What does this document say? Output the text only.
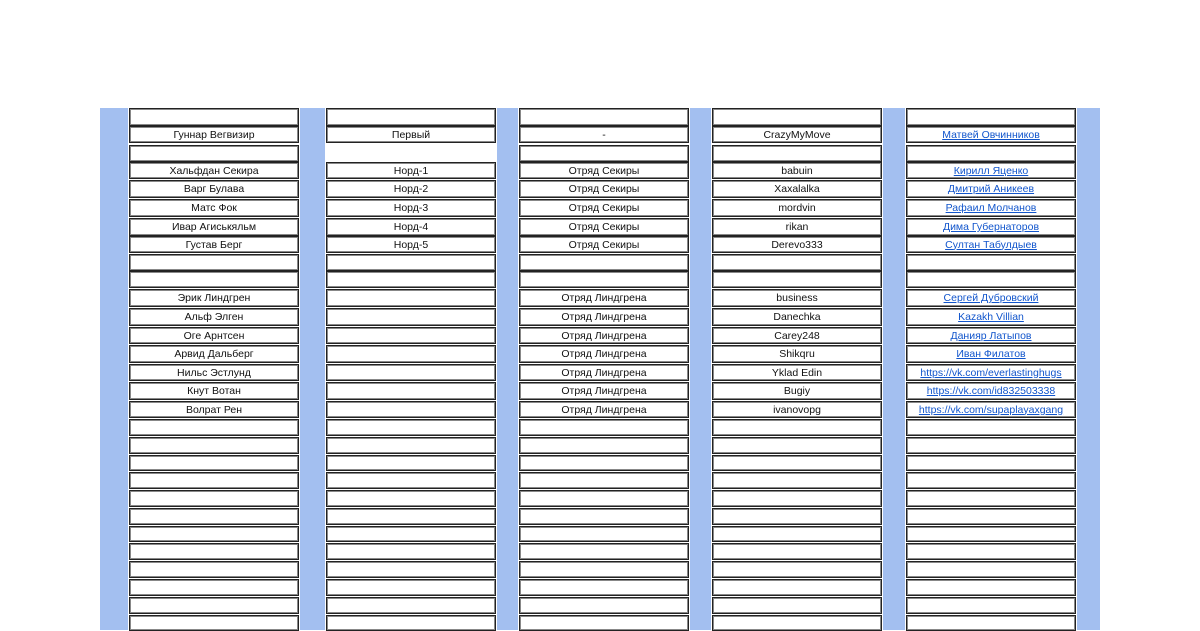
Гуннар Вегвизир
Хальфдан Секира
Варг Булава
Матс Фок
Ивар Агиськяльм
Густав Берг
Эрик Линдгрен
Альф Элген
Оге Арнтсен
Арвид Дальберг
Нильс Эстлунд
Кнут Вотан
Волрат Рен
Первый
Норд-1
Норд-2
Норд-3
Норд-4
Норд-5
-
Отряд Секиры
Отряд Секиры
Отряд Секиры
Отряд Секиры
Отряд Секиры
Отряд Линдгрена
Отряд Линдгрена
Отряд Линдгрена
Отряд Линдгрена
Отряд Линдгрена
Отряд Линдгрена
Отряд Линдгрена
CrazyMyMove
babuin
Xaxalalka
mordvin
rikan
Derevo333
business
Danechka
Carey248
Shikqru
Yklad Edin
Bugiy
ivanovopg
Матвей Овчинников
Кирилл Яценко
Дмитрий Аникеев
Рафаил Молчанов
Дима Губернаторов
Султан Табулдыев
Сергей Дубровский
Kazakh Villian
Данияр Латыпов
Иван Филатов
https://vk.com/everlastinghugs
https://vk.com/id832503338
https://vk.com/supaplayaxgang
